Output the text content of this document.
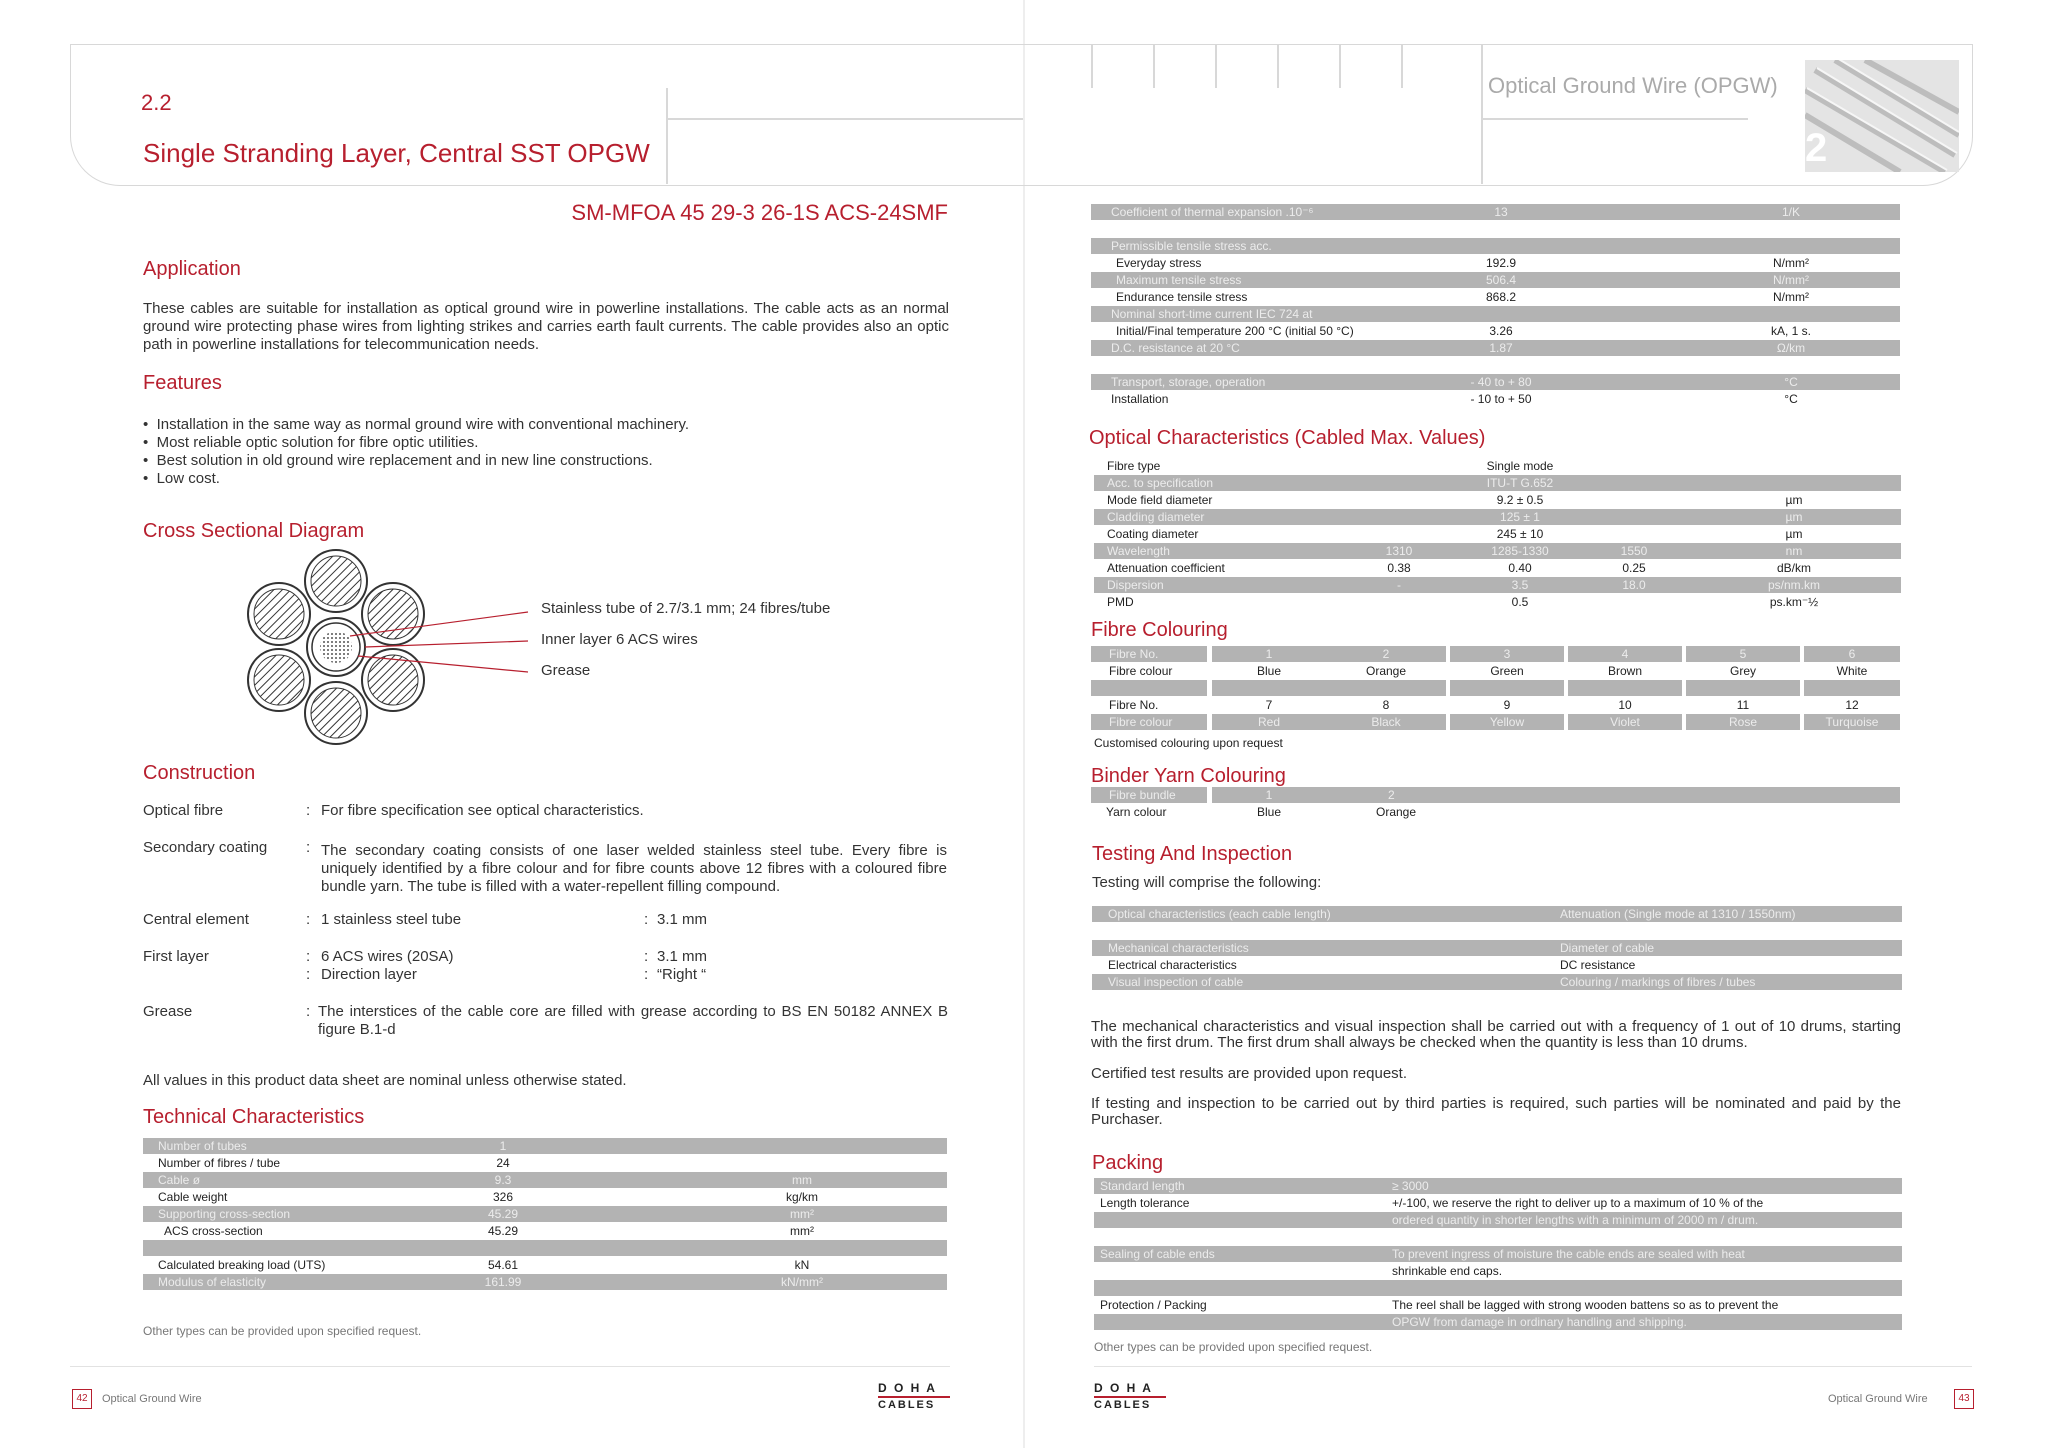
2.2
Single Stranding Layer, Central SST OPGW
SM-MFOA 45 29-3 26-1S ACS-24SMF
Application
These cables are suitable for installation as optical ground wire in powerline installations. The cable acts as an normal ground wire protecting phase wires from lighting strikes and carries earth fault currents. The cable provides also an optic path in powerline installations for telecommunication needs.
Features
•  Installation in the same way as normal ground wire with conventional machinery.
•  Most reliable optic solution for fibre optic utilities.
•  Best solution in old ground wire replacement and in new line constructions.
•  Low cost.
Cross Sectional Diagram
Stainless tube of 2.7/3.1 mm; 24 fibres/tube
Inner layer 6 ACS wires
Grease
Construction
Optical fibre	: For fibre specification see optical characteristics.
Secondary coating	: The secondary coating consists of one laser welded stainless steel tube. Every fibre is uniquely identified by a fibre colour and for fibre counts above 12 fibres with a coloured fibre bundle yarn. The tube is filled with a water-repellent filling compound.
Central element	: 1 stainless steel tube	: 3.1 mm
First layer	: 6 ACS wires (20SA)	: 3.1 mm
: Direction layer	: “Right “
Grease	: The interstices of the cable core are filled with grease according to BS EN 50182 ANNEX B figure B.1-d
All values in this product data sheet are nominal unless otherwise stated.
Technical Characteristics
Number of tubes	1
Number of fibres / tube	24
Cable ø	9.3	mm
Cable weight	326	kg/km
Supporting cross-section	45.29	mm²
ACS cross-section	45.29	mm²
Calculated breaking load (UTS)	54.61	kN
Modulus of elasticity	161.99	kN/mm²
Other types can be provided upon specified request.
42	Optical Ground Wire
D O H A
CABLES
Optical Ground Wire (OPGW)
2
Coefficient of thermal expansion .10⁻⁶	13	1/K
Permissible tensile stress acc.
Everyday stress	192.9	N/mm²
Maximum tensile stress	506.4	N/mm²
Endurance tensile stress	868.2	N/mm²
Nominal short-time current IEC 724 at
Initial/Final temperature 200 °C (initial 50 °C)	3.26	kA, 1 s.
D.C. resistance at 20 °C	1.87	Ω/km
Transport, storage, operation	- 40 to + 80	°C
Installation	- 10 to + 50	°C
Optical Characteristics (Cabled Max. Values)
Fibre type	Single mode
Acc. to specification	ITU-T G.652
Mode field diameter	9.2 ± 0.5	µm
Cladding diameter	125 ± 1	µm
Coating diameter	245 ± 10	µm
Wavelength	1310	1285-1330	1550	nm
Attenuation coefficient	0.38	0.40	0.25	dB/km
Dispersion	-	3.5	18.0	ps/nm.km
PMD	0.5	ps.km⁻½
Fibre Colouring
Fibre No.	1	2	3	4	5	6
Fibre colour	Blue	Orange	Green	Brown	Grey	White
Fibre No.	7	8	9	10	11	12
Fibre colour	Red	Black	Yellow	Violet	Rose	Turquoise
Customised colouring upon request
Binder Yarn Colouring
Fibre bundle	1	2
Yarn colour	Blue	Orange
Testing And Inspection
Testing will comprise the following:
Optical characteristics (each cable length)	Attenuation (Single mode at 1310 / 1550nm)
Mechanical characteristics	Diameter of cable
Electrical characteristics	DC resistance
Visual inspection of cable	Colouring / markings of fibres / tubes
The mechanical characteristics and visual inspection shall be carried out with a frequency of 1 out of 10 drums, starting with the first drum. The first drum shall always be checked when the quantity is less than 10 drums.
Certified test results are provided upon request.
If testing and inspection to be carried out by third parties is required, such parties will be nominated and paid by the Purchaser.
Packing
Standard length	≥ 3000
Length tolerance	+/-100, we reserve the right to deliver up to a maximum of 10 % of the
ordered quantity in shorter lengths with a minimum of 2000 m / drum.
Sealing of cable ends	To prevent ingress of moisture the cable ends are sealed with heat
shrinkable end caps.
Protection / Packing	The reel shall be lagged with strong wooden battens so as to prevent the
OPGW from damage in ordinary handling and shipping.
Other types can be provided upon specified request.
D O H A
CABLES	Optical Ground Wire	43
